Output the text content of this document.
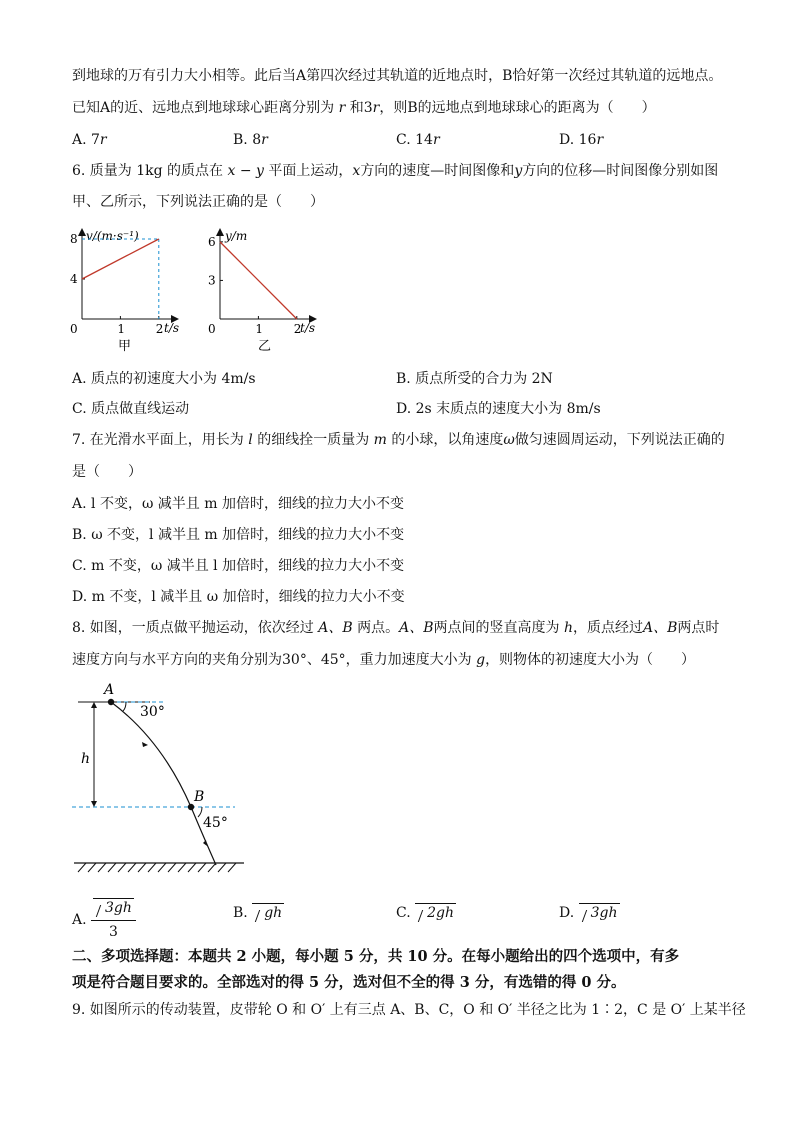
到地球的万有引力大小相等。此后当A第四次经过其轨道的近地点时，B恰好第一次经过其轨道的远地点。
已知A的近、远地点到地球球心距离分别为 r 和3r，则B的远地点到地球球心的距离为（　　）
A. 7r	B. 8r	C. 14r	D. 16r
6. 质量为 1kg 的质点在 x − y 平面上运动，x方向的速度—时间图像和y方向的位移—时间图像分别如图
甲、乙所示，下列说法正确的是（　　）
v/(m·s⁻¹)
t/s
0	1	2
4
8
甲
y/m
t/s
0	1	2
3
6
乙
A. 质点的初速度大小为 4m/s	B. 质点所受的合力为 2N
C. 质点做直线运动	D. 2s 末质点的速度大小为 8m/s
7. 在光滑水平面上，用长为 l 的细线拴一质量为 m 的小球，以角速度ω做匀速圆周运动，下列说法正确的
是（　　）
A. l 不变，ω 减半且 m 加倍时，细线的拉力大小不变
B. ω 不变，l 减半且 m 加倍时，细线的拉力大小不变
C. m 不变，ω 减半且 l 加倍时，细线的拉力大小不变
D. m 不变，l 减半且 ω 加倍时，细线的拉力大小不变
8. 如图，一质点做平抛运动，依次经过 A、B 两点。A、B两点间的竖直高度为 h，质点经过A、B两点时
速度方向与水平方向的夹角分别为30°、45°，重力加速度大小为 g，则物体的初速度大小为（　　）
h
A
B
30°
45°
A. $\frac{3gh}{3}$	B. gh	C. 2gh	D. 3gh
二、多项选择题：本题共 2 小题，每小题 5 分，共 10 分。在每小题给出的四个选项中，有多
项是符合题目要求的。全部选对的得 5 分，选对但不全的得 3 分，有选错的得 0 分。
9. 如图所示的传动装置，皮带轮 O 和 O′ 上有三点 A、B、C，O 和 O′ 半径之比为 1∶2，C 是 O′ 上某半径
